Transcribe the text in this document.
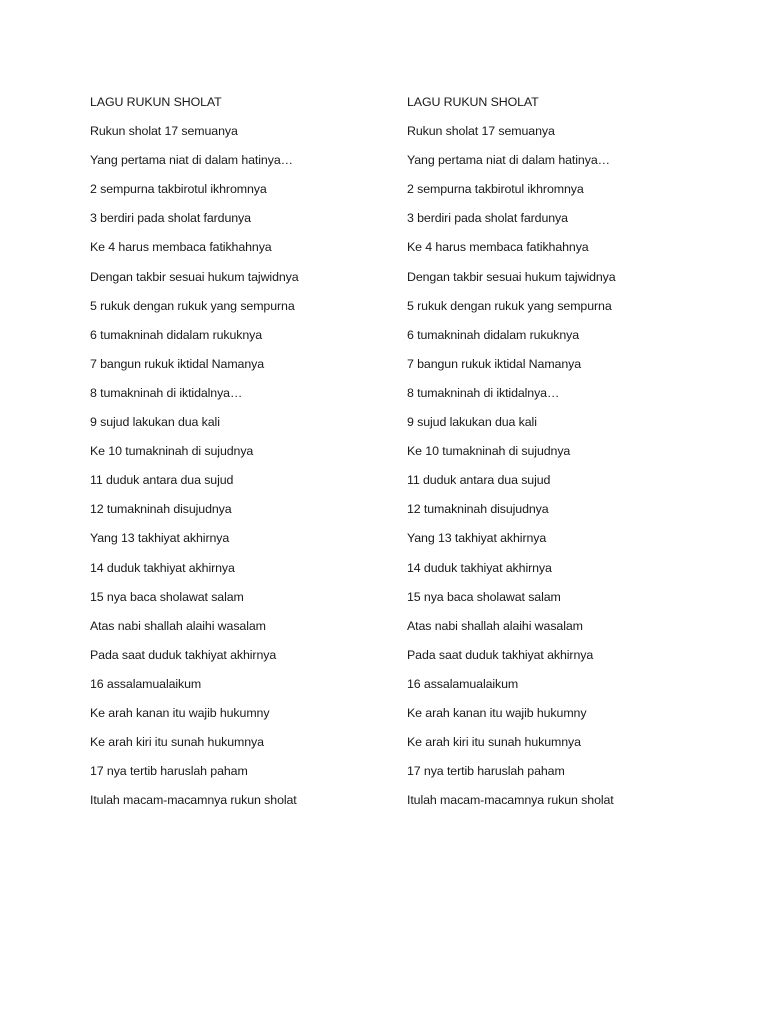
LAGU RUKUN SHOLAT
Rukun sholat 17 semuanya
Yang pertama niat di dalam hatinya…
2 sempurna takbirotul ikhromnya
3 berdiri pada sholat fardunya
Ke 4 harus membaca fatikhahnya
Dengan takbir sesuai hukum tajwidnya
5 rukuk dengan rukuk yang sempurna
6 tumakninah didalam rukuknya
7 bangun rukuk iktidal Namanya
8 tumakninah di iktidalnya…
9 sujud lakukan dua kali
Ke 10 tumakninah di sujudnya
11 duduk antara dua sujud
12 tumakninah disujudnya
Yang 13 takhiyat akhirnya
14 duduk takhiyat akhirnya
15 nya baca sholawat salam
Atas nabi shallah alaihi wasalam
Pada saat duduk takhiyat akhirnya
16 assalamualaikum
Ke arah kanan itu wajib hukumny
Ke arah kiri itu sunah hukumnya
17 nya tertib haruslah paham
Itulah macam-macamnya rukun sholat
LAGU RUKUN SHOLAT
Rukun sholat 17 semuanya
Yang pertama niat di dalam hatinya…
2 sempurna takbirotul ikhromnya
3 berdiri pada sholat fardunya
Ke 4 harus membaca fatikhahnya
Dengan takbir sesuai hukum tajwidnya
5 rukuk dengan rukuk yang sempurna
6 tumakninah didalam rukuknya
7 bangun rukuk iktidal Namanya
8 tumakninah di iktidalnya…
9 sujud lakukan dua kali
Ke 10 tumakninah di sujudnya
11 duduk antara dua sujud
12 tumakninah disujudnya
Yang 13 takhiyat akhirnya
14 duduk takhiyat akhirnya
15 nya baca sholawat salam
Atas nabi shallah alaihi wasalam
Pada saat duduk takhiyat akhirnya
16 assalamualaikum
Ke arah kanan itu wajib hukumny
Ke arah kiri itu sunah hukumnya
17 nya tertib haruslah paham
Itulah macam-macamnya rukun sholat
